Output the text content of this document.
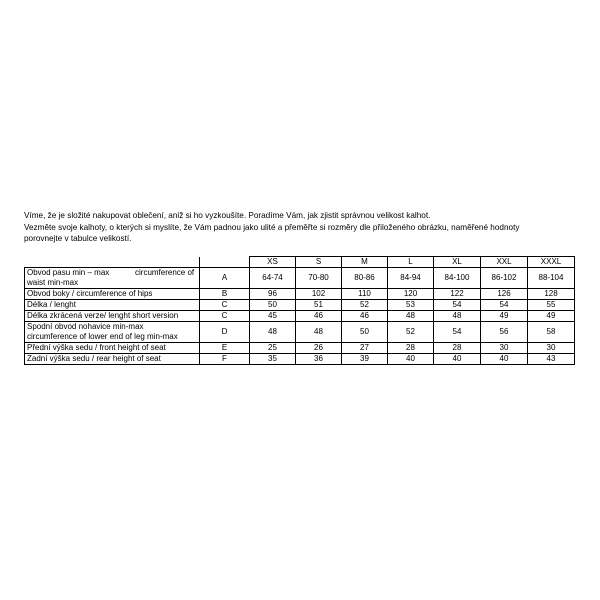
Víme, že je složité nakupovat oblečení, aniž si ho vyzkoušíte. Poradíme Vám, jak zjistit správnou velikost kalhot.

Vezměte svoje kalhoty, o kterých si myslíte, že Vám padnou jako ulité a přeměřte si rozměry dle přiloženého obrázku, naměřené hodnoty

porovnejte v tabulce velikostí.

		XS	S	M	L	XL	XXL	XXXL

Obvod pasu min – max circumference of
waist min-max	A	64-74	70-80	80-86	84-94	84-100	86-102	88-104
Obvod boky / circumference of hips	B	96	102	110	120	122	126	128
Délka / lenght	C	50	51	52	53	54	54	55
Délka zkrácená verze/ lenght short version	C	45	46	46	48	48	49	49

Spodní obvod nohavice min-max
circumference of lower end of leg min-max	D	48	48	50	52	54	56	58
Přední výška sedu / front height of seat	E	25	26	27	28	28	30	30
Zadní výška sedu / rear height of seat	F	35	36	39	40	40	40	43
